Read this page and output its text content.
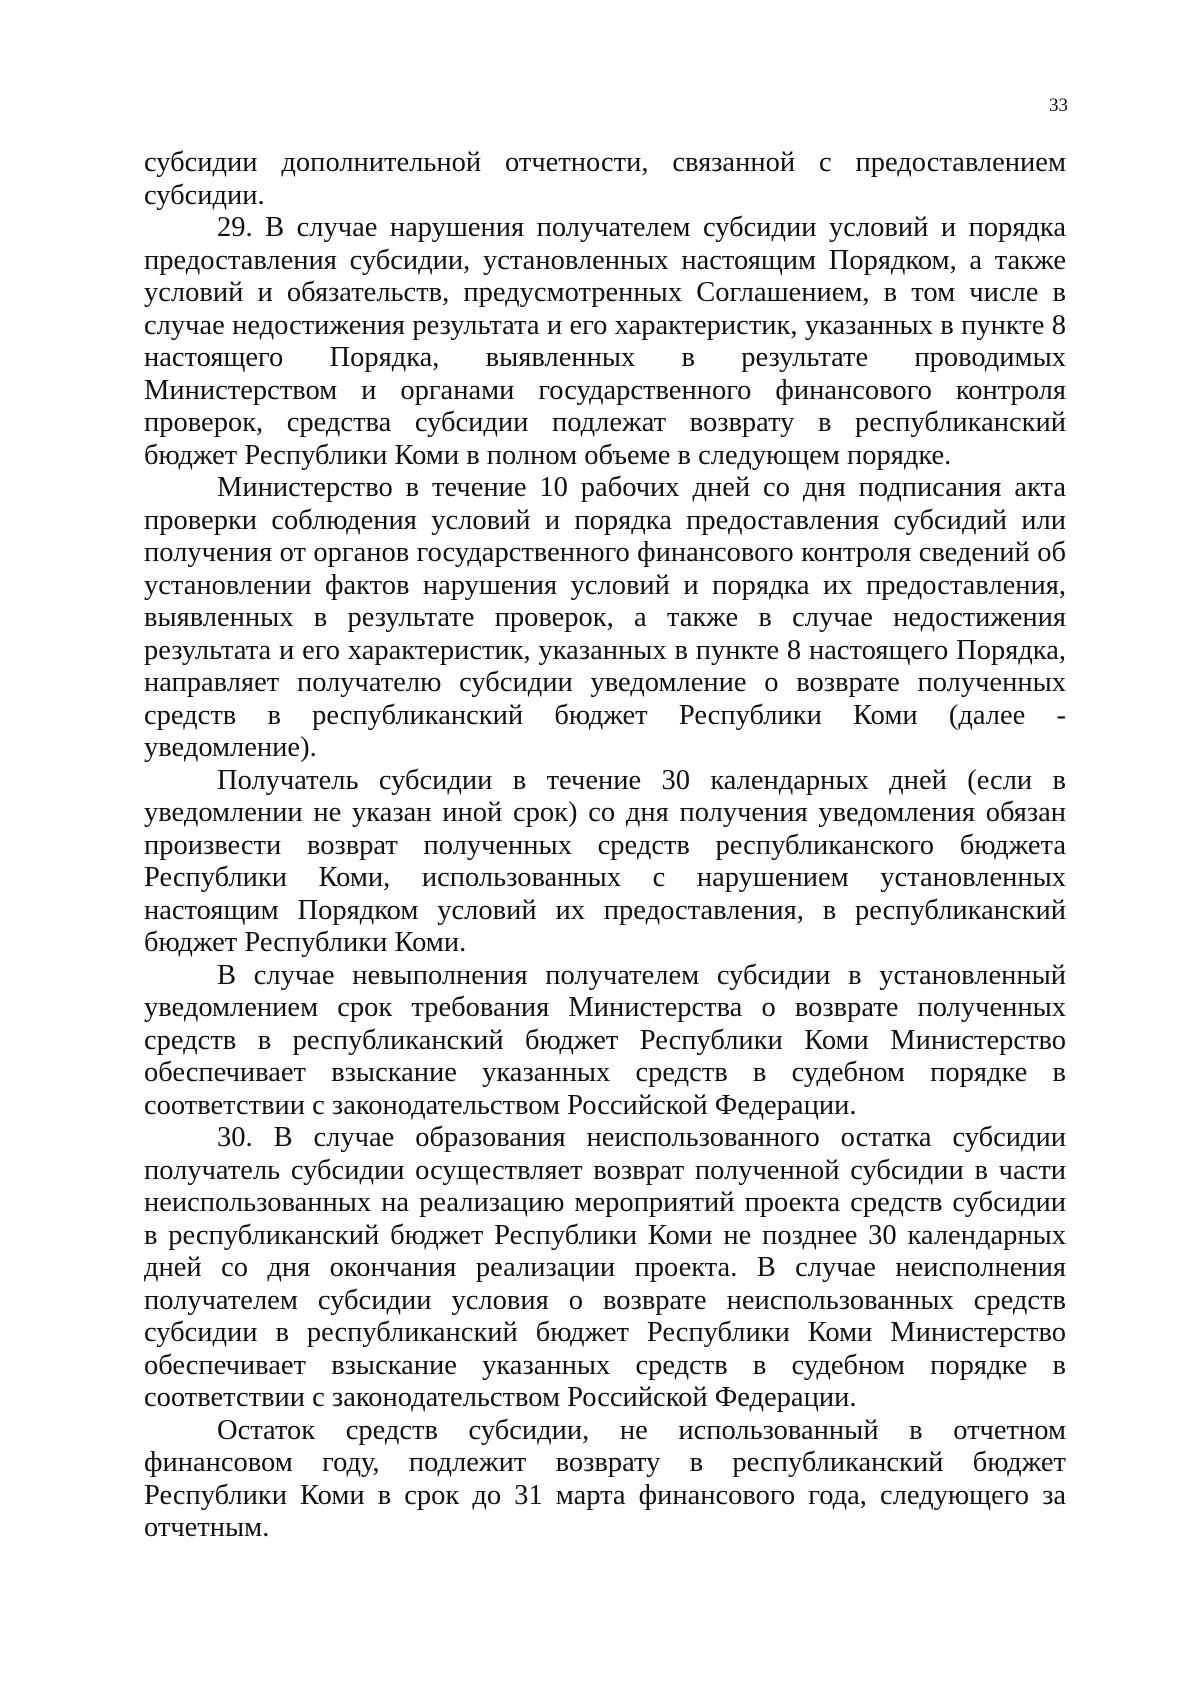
33

субсидии дополнительной отчетности, связанной с предоставлением субсидии.

29. В случае нарушения получателем субсидии условий и порядка предоставления субсидии, установленных настоящим Порядком, а также условий и обязательств, предусмотренных Соглашением, в том числе в случае недостижения результата и его характеристик, указанных в пункте 8 настоящего Порядка, выявленных в результате проводимых Министерством и органами государственного финансового контроля проверок, средства субсидии подлежат возврату в республиканский бюджет Республики Коми в полном объеме в следующем порядке.

Министерство в течение 10 рабочих дней со дня подписания акта проверки соблюдения условий и порядка предоставления субсидий или получения от органов государственного финансового контроля сведений об установлении фактов нарушения условий и порядка их предоставления, выявленных в результате проверок, а также в случае недостижения результата и его характеристик, указанных в пункте 8 настоящего Порядка, направляет получателю субсидии уведомление о возврате полученных средств в республиканский бюджет Республики Коми (далее - уведомление).

Получатель субсидии в течение 30 календарных дней (если в уведомлении не указан иной срок) со дня получения уведомления обязан произвести возврат полученных средств республиканского бюджета Республики Коми, использованных с нарушением установленных настоящим Порядком условий их предоставления, в республиканский бюджет Республики Коми.

В случае невыполнения получателем субсидии в установленный уведомлением срок требования Министерства о возврате полученных средств в республиканский бюджет Республики Коми Министерство обеспечивает взыскание указанных средств в судебном порядке в соответствии с законодательством Российской Федерации.

30. В случае образования неиспользованного остатка субсидии получатель субсидии осуществляет возврат полученной субсидии в части неиспользованных на реализацию мероприятий проекта средств субсидии в республиканский бюджет Республики Коми не позднее 30 календарных дней со дня окончания реализации проекта. В случае неисполнения получателем субсидии условия о возврате неиспользованных средств субсидии в республиканский бюджет Республики Коми Министерство обеспечивает взыскание указанных средств в судебном порядке в соответствии с законодательством Российской Федерации.

Остаток средств субсидии, не использованный в отчетном финансовом году, подлежит возврату в республиканский бюджет Республики Коми в срок до 31 марта финансового года, следующего за отчетным.
